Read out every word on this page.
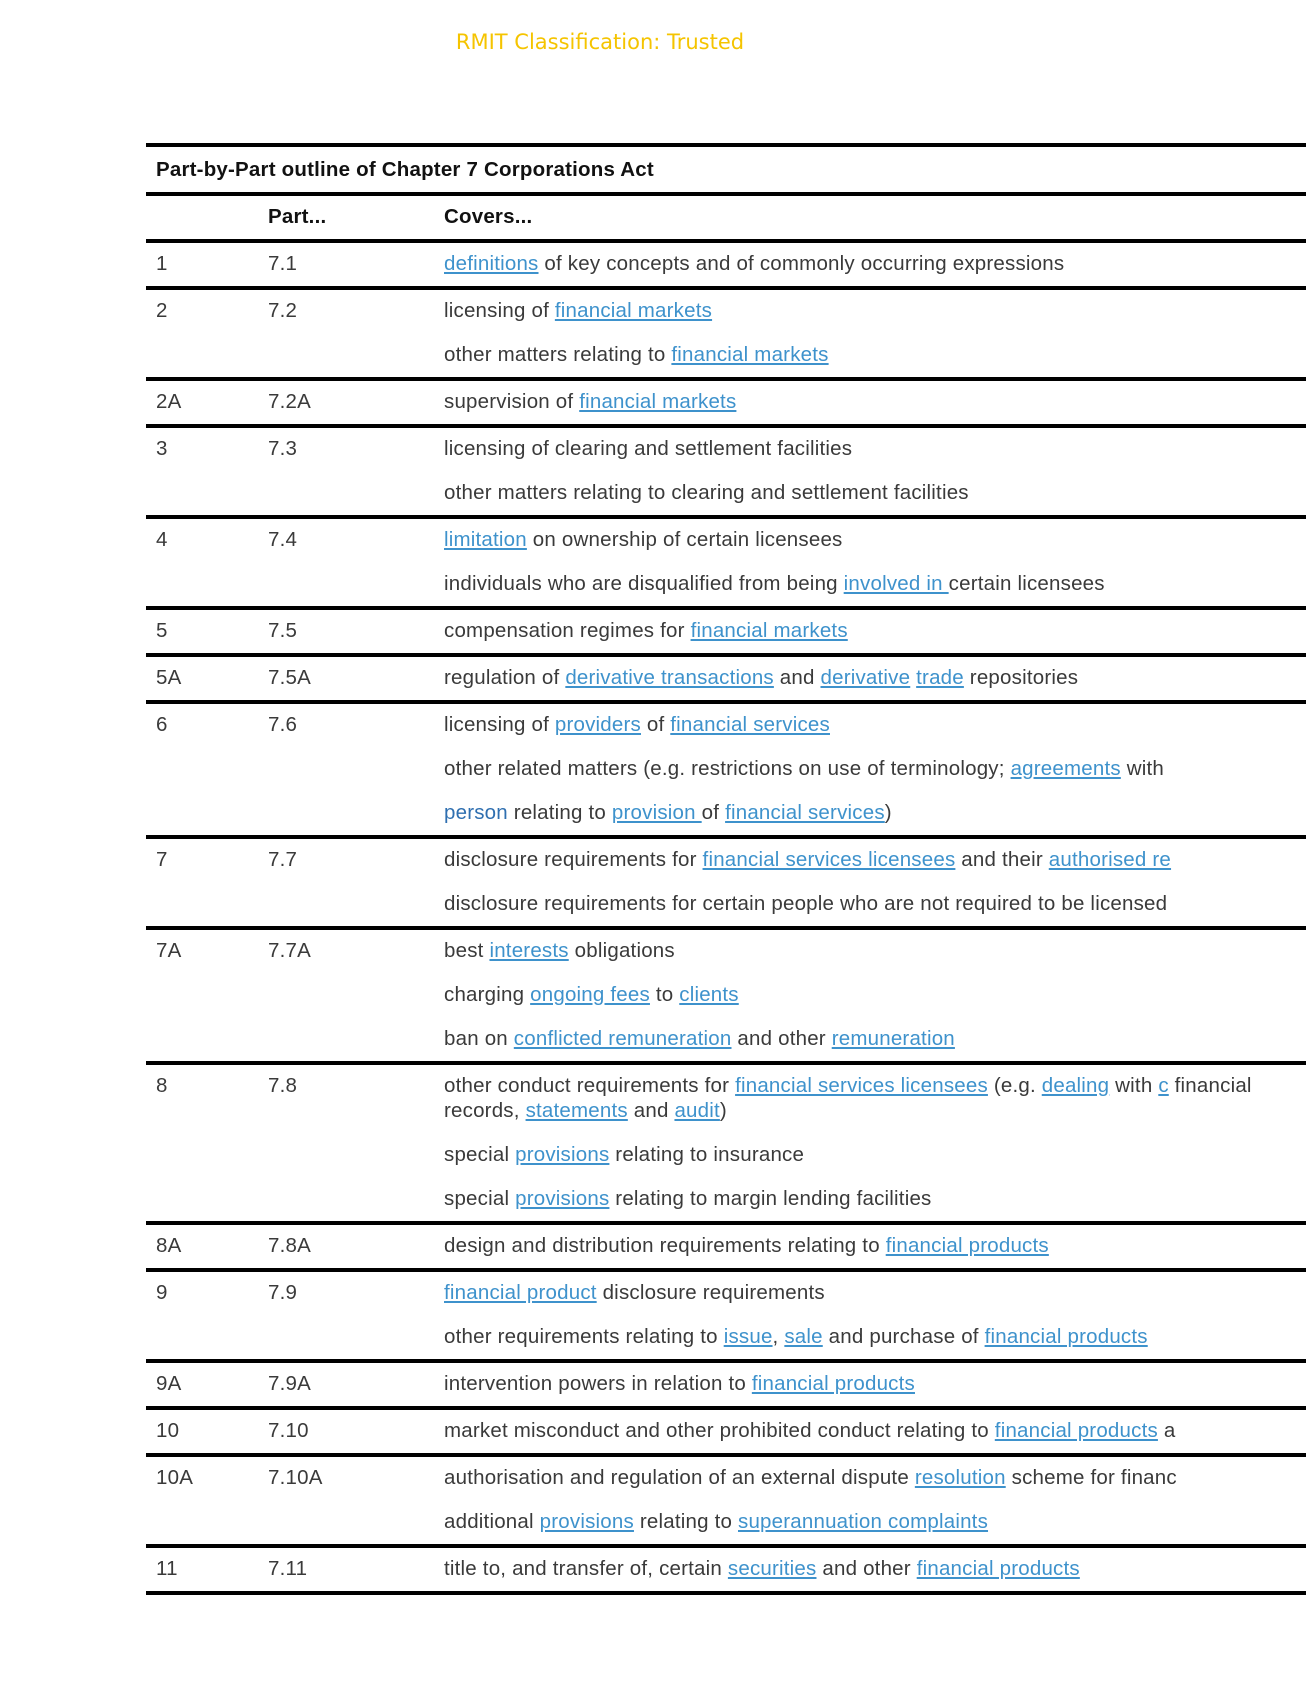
RMIT Classification: Trusted
Part-by-Part outline of Chapter 7 Corporations Act		
	Part...	Covers...
1	7.1	definitions of key concepts and of commonly occurring expressions

2	7.2	licensing of financial markets
other matters relating to financial markets

2A	7.2A	supervision of financial markets

3	7.3	licensing of clearing and settlement facilities
other matters relating to clearing and settlement facilities

4	7.4	limitation on ownership of certain licensees
individuals who are disqualified from being involved in certain licensees

5	7.5	compensation regimes for financial markets

5A	7.5A	regulation of derivative transactions and derivative trade repositories

6	7.6	licensing of providers of financial services
other related matters (e.g. restrictions on use of terminology; agreements with
person relating to provision of financial services)

7	7.7	disclosure requirements for financial services licensees and their authorised re
disclosure requirements for certain people who are not required to be licensed

7A	7.7A	best interests obligations
charging ongoing fees to clients
ban on conflicted remuneration and other remuneration

8	7.8	other conduct requirements for financial services licensees (e.g. dealing with c financial records, statements and audit)
special provisions relating to insurance
special provisions relating to margin lending facilities

8A	7.8A	design and distribution requirements relating to financial products

9	7.9	financial product disclosure requirements
other requirements relating to issue, sale and purchase of financial products

9A	7.9A	intervention powers in relation to financial products

10	7.10	market misconduct and other prohibited conduct relating to financial products a

10A	7.10A	authorisation and regulation of an external dispute resolution scheme for financ
additional provisions relating to superannuation complaints

11	7.11	title to, and transfer of, certain securities and other financial products
